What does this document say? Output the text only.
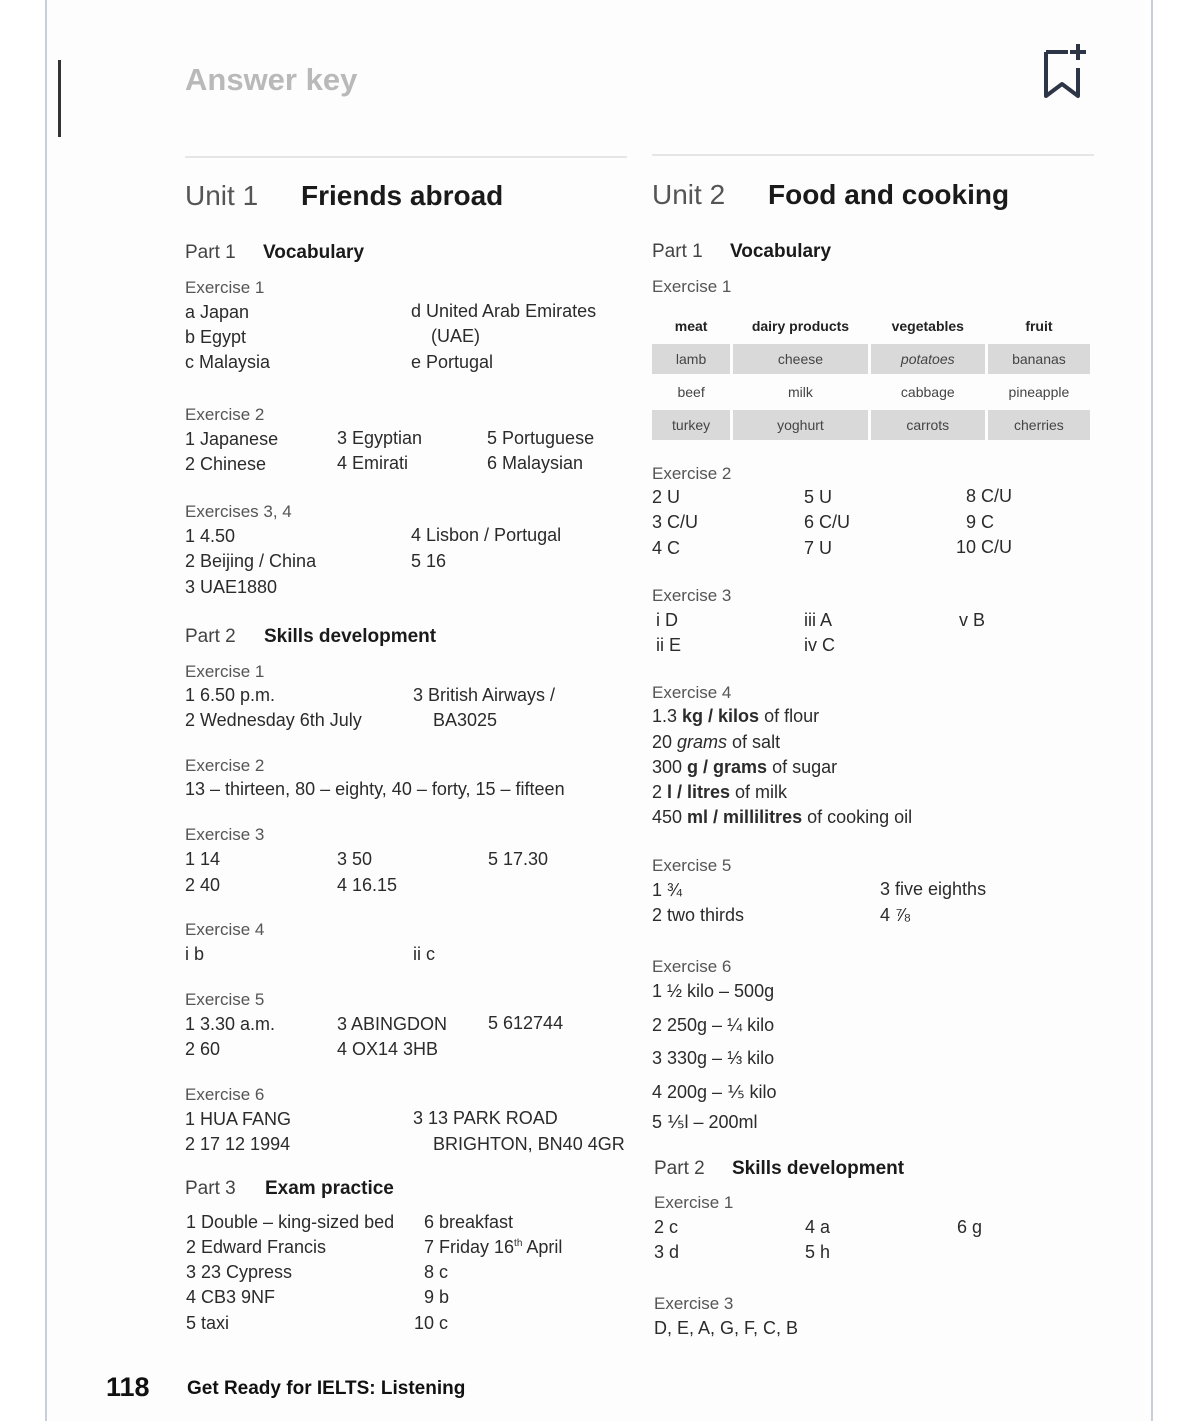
Answer key
Unit 1 Friends abroad
Part 1 Vocabulary
Exercise 1
a Japan
b Egypt
c Malaysia
d United Arab Emirates
(UAE)
e Portugal
Exercise 2
1 Japanese
2 Chinese
3 Egyptian
4 Emirati
5 Portuguese
6 Malaysian
Exercises 3, 4
1 4.50
2 Beijing / China
3 UAE1880
4 Lisbon / Portugal
5 16
Part 2 Skills development
Exercise 1
1 6.50 p.m.
2 Wednesday 6th July
3 British Airways /
BA3025
Exercise 2
13 – thirteen, 80 – eighty, 40 – forty, 15 – fifteen
Exercise 3
1 14
2 40
3 50
4 16.15
5 17.30
Exercise 4
i b	ii c
Exercise 5
1 3.30 a.m.
2 60
3 ABINGDON
4 OX14 3HB
5 612744
Exercise 6
1 HUA FANG
2 17 12 1994
3 13 PARK ROAD
BRIGHTON, BN40 4GR
Part 3 Exam practice
1 Double – king-sized bed
2 Edward Francis
3 23 Cypress
4 CB3 9NF
5 taxi
6 breakfast
7 Friday 16th April
8 c
9 b
10 c
Unit 2 Food and cooking
Part 1 Vocabulary
Exercise 1
meat	dairy products	vegetables	fruit
lamb	cheese	potatoes	bananas
beef	milk	cabbage	pineapple
turkey	yoghurt	carrots	cherries
Exercise 2
2 U
3 C/U
4 C
5 U
6 C/U
7 U
8 C/U
9 C
10 C/U
Exercise 3
i D
ii E
iii A
iv C
v B
Exercise 4
1.3 kg / kilos of flour
20 grams of salt
300 g / grams of sugar
2 l / litres of milk
450 ml / millilitres of cooking oil
Exercise 5
1 ¾
2 two thirds
3 five eighths
4 ⅞
Exercise 6
1 ½ kilo – 500g
2 250g – ¼ kilo
3 330g – ⅓ kilo
4 200g – ⅕ kilo
5 ⅕l – 200ml
Part 2 Skills development
Exercise 1
2 c
3 d
4 a
5 h
6 g
Exercise 3
D, E, A, G, F, C, B
118 Get Ready for IELTS: Listening
